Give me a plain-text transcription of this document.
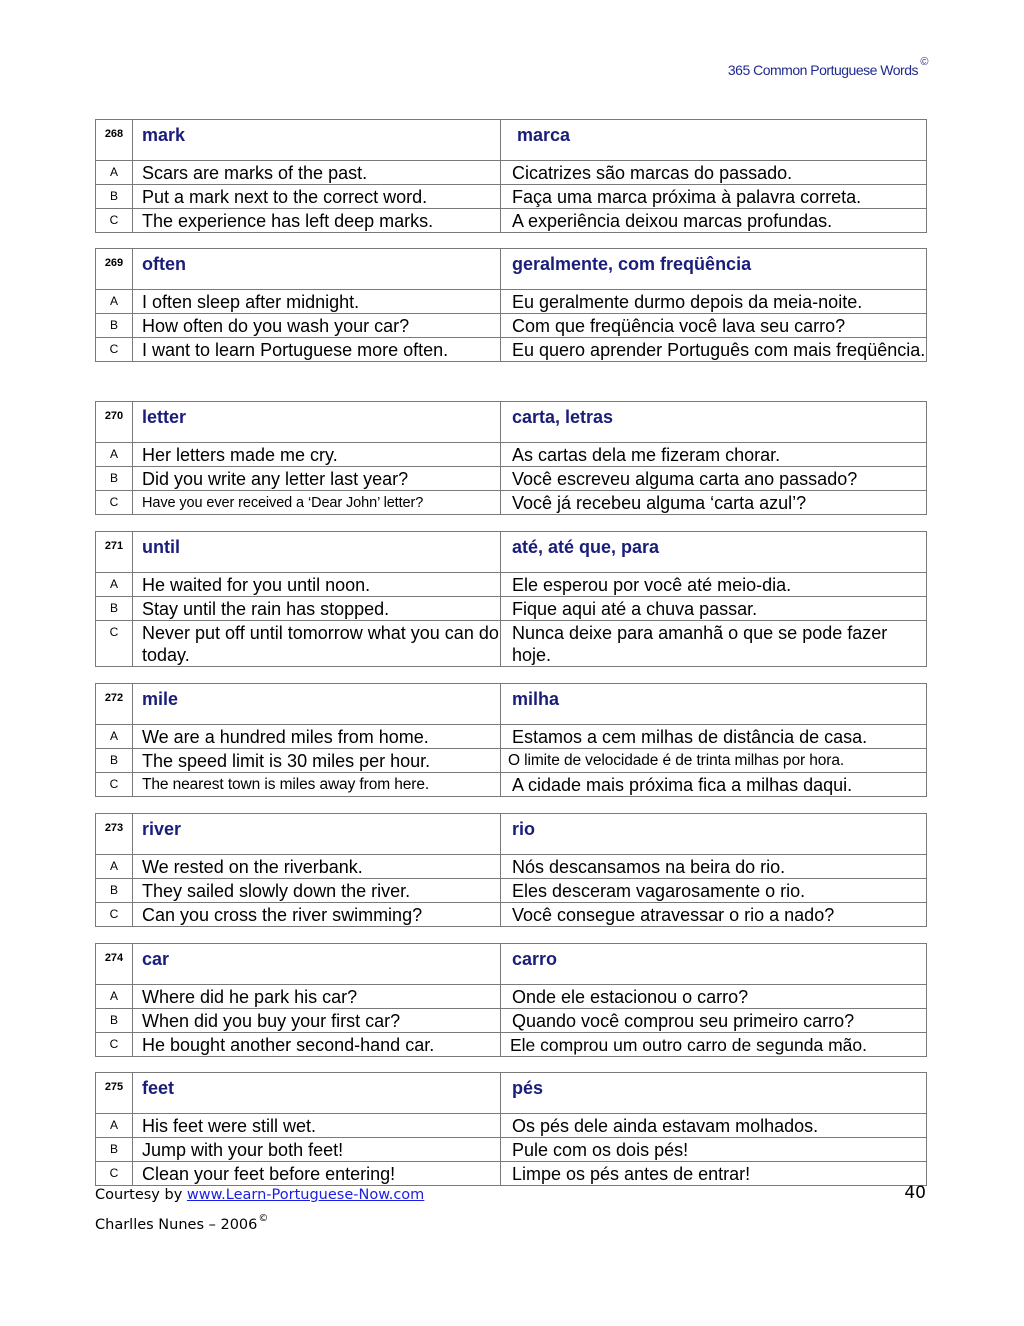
365 Common Portuguese Words ©
268	mark	marca
A	Scars are marks of the past.	Cicatrizes são marcas do passado.
B	Put a mark next to the correct word.	Faça uma marca próxima à palavra correta.
C	The experience has left deep marks.	A experiência deixou marcas profundas.
269	often	geralmente, com freqüência
A	I often sleep after midnight.	Eu geralmente durmo depois da meia-noite.
B	How often do you wash your car?	Com que freqüência você lava seu carro?
C	I want to learn Portuguese more often.	Eu quero aprender Português com mais freqüência.
270	letter	carta, letras
A	Her letters made me cry.	As cartas dela me fizeram chorar.
B	Did you write any letter last year?	Você escreveu alguma carta ano passado?
C	Have you ever received a ‘Dear John’ letter?	Você já recebeu alguma ‘carta azul’?
271	until	até, até que, para
A	He waited for you until noon.	Ele esperou por você até meio-dia.
B	Stay until the rain has stopped.	Fique aqui até a chuva passar.
C	Never put off until tomorrow what you can do today.	Nunca deixe para amanhã o que se pode fazer hoje.
272	mile	milha
A	We are a hundred miles from home.	Estamos a cem milhas de distância de casa.
B	The speed limit is 30 miles per hour.	O limite de velocidade é de trinta milhas por hora.
C	The nearest town is miles away from here.	A cidade mais próxima fica a milhas daqui.
273	river	rio
A	We rested on the riverbank.	Nós descansamos na beira do rio.
B	They sailed slowly down the river.	Eles desceram vagarosamente o rio.
C	Can you cross the river swimming?	Você consegue atravessar o rio a nado?
274	car	carro
A	Where did he park his car?	Onde ele estacionou o carro?
B	When did you buy your first car?	Quando você comprou seu primeiro carro?
C	He bought another second-hand car.	Ele comprou um outro carro de segunda mão.
275	feet	pés
A	His feet were still wet.	Os pés dele ainda estavam molhados.
B	Jump with your both feet!	Pule com os dois pés!
C	Clean your feet before entering!	Limpe os pés antes de entrar!
Courtesy by www.Learn-Portuguese-Now.com
Charlles Nunes – 2006©
40
